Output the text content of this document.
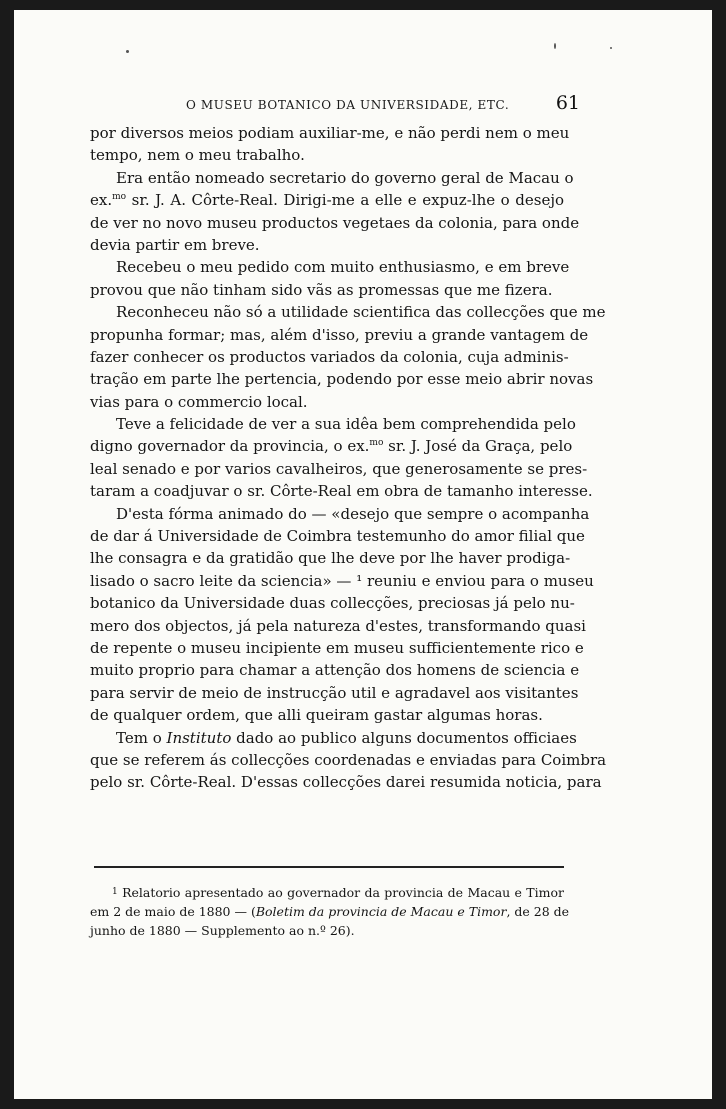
O MUSEU BOTANICO DA UNIVERSIDADE, ETC. 61
por diversos meios podiam auxiliar-me, e não perdi nem o meu
tempo, nem o meu trabalho.
Era então nomeado secretario do governo geral de Macau o
ex.$^{mo}$ sr. J. A. Côrte-Real. Dirigi-me a elle e expuz-lhe o desejo
de ver no novo museu productos vegetaes da colonia, para onde
devia partir em breve.
Recebeu o meu pedido com muito enthusiasmo, e em breve
provou que não tinham sido vãs as promessas que me fizera.
Reconheceu não só a utilidade scientifica das collecções que me
propunha formar; mas, além d'isso, previu a grande vantagem de
fazer conhecer os productos variados da colonia, cuja adminis-
tração em parte lhe pertencia, podendo por esse meio abrir novas
vias para o commercio local.
Teve a felicidade de ver a sua idêa bem comprehendida pelo
digno governador da provincia, o ex.$^{mo}$ sr. J. José da Graça, pelo
leal senado e por varios cavalheiros, que generosamente se pres-
taram a coadjuvar o sr. Côrte-Real em obra de tamanho interesse.
D'esta fórma animado do — «desejo que sempre o acompanha
de dar á Universidade de Coimbra testemunho do amor filial que
lhe consagra e da gratidão que lhe deve por lhe haver prodiga-
lisado o sacro leite da sciencia» — ¹ reuniu e enviou para o museu
botanico da Universidade duas collecções, preciosas já pelo nu-
mero dos objectos, já pela natureza d'estes, transformando quasi
de repente o museu incipiente em museu sufficientemente rico e
muito proprio para chamar a attenção dos homens de sciencia e
para servir de meio de instrucção util e agradavel aos visitantes
de qualquer ordem, que alli queiram gastar algumas horas.
Tem o Instituto dado ao publico alguns documentos officiaes
que se referem ás collecções coordenadas e enviadas para Coimbra
pelo sr. Côrte-Real. D'essas collecções darei resumida noticia, para
$^1$ Relatorio apresentado ao governador da provincia de Macau e Timor
em 2 de maio de 1880 — (Boletim da provincia de Macau e Timor, de 28 de
junho de 1880 — Supplemento ao n.º 26).
